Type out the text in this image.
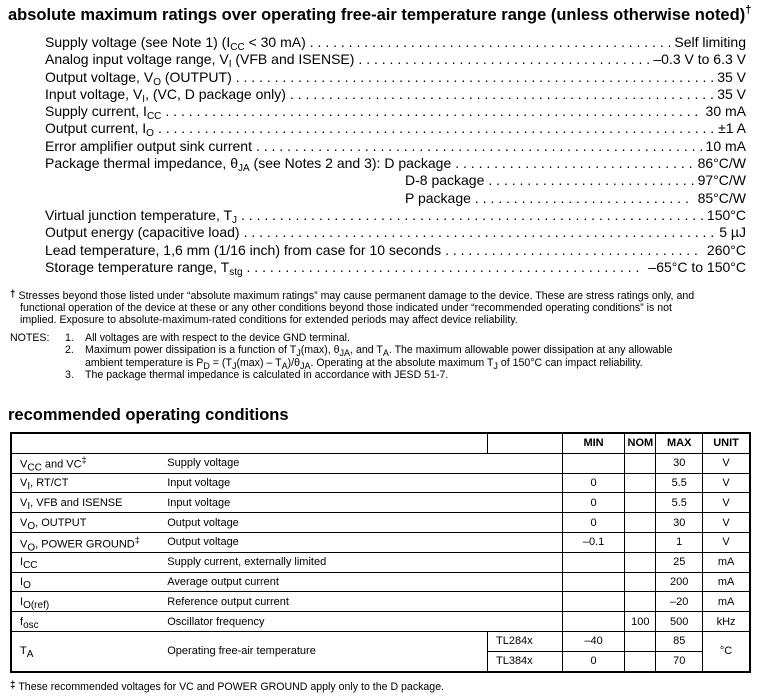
absolute maximum ratings over operating free-air temperature range (unless otherwise noted)†
Supply voltage (see Note 1) ($I_{CC} < 30$ mA) . . .	Self limiting
Analog input voltage range, $V_I$ (VFB and ISENSE) . . .	–0.3 V to 6.3 V
Output voltage, $V_O$ (OUTPUT) . . .	35 V
Input voltage, $V_I$, (VC, D package only) . . .	35 V
Supply current, $I_{CC}$ . . .	30 mA
Output current, $I_O$ . . .	±1 A
Error amplifier output sink current . . .	10 mA
Package thermal impedance, $\theta_{JA}$ (see Notes 2 and 3): D package . . .	86°C/W
D-8 package . . .	97°C/W
P package . . .	85°C/W
Virtual junction temperature, $T_J$ . . .	150°C
Output energy (capacitive load) . . .	5 µJ
Lead temperature, 1,6 mm (1/16 inch) from case for 10 seconds . . .	260°C
Storage temperature range, $T_{stg}$ . . .	–65°C to 150°C
† Stresses beyond those listed under “absolute maximum ratings” may cause permanent damage to the device. These are stress ratings only, and
functional operation of the device at these or any other conditions beyond those indicated under “recommended operating conditions” is not
implied. Exposure to absolute-maximum-rated conditions for extended periods may affect device reliability.
NOTES:	1.	All voltages are with respect to the device GND terminal.
2.	Maximum power dissipation is a function of $T_J(\max)$, $\theta_{JA}$, and $T_A$. The maximum allowable power dissipation at any allowable
ambient temperature is $P_D = (T_J(\max) - T_A)/\theta_{JA}$. Operating at the absolute maximum $T_J$ of 150°C can impact reliability.
3.	The package thermal impedance is calculated in accordance with JESD 51-7.
recommended operating conditions
			MIN	NOM	MAX	UNIT
$V_{CC}$ and VC‡	Supply voltage				30	V
$V_I$, RT/CT	Input voltage		0		5.5	V
$V_I$, VFB and ISENSE	Input voltage		0		5.5	V
$V_O$, OUTPUT	Output voltage		0		30	V
$V_O$, POWER GROUND‡	Output voltage		–0.1		1	V
$I_{CC}$	Supply current, externally limited				25	mA
$I_O$	Average output current				200	mA
$I_{O(ref)}$	Reference output current				–20	mA
$f_{osc}$	Oscillator frequency			100	500	kHz
$T_A$	Operating free-air temperature	TL284x	–40		85	°C
		TL384x	0		70	
‡ These recommended voltages for VC and POWER GROUND apply only to the D package.
